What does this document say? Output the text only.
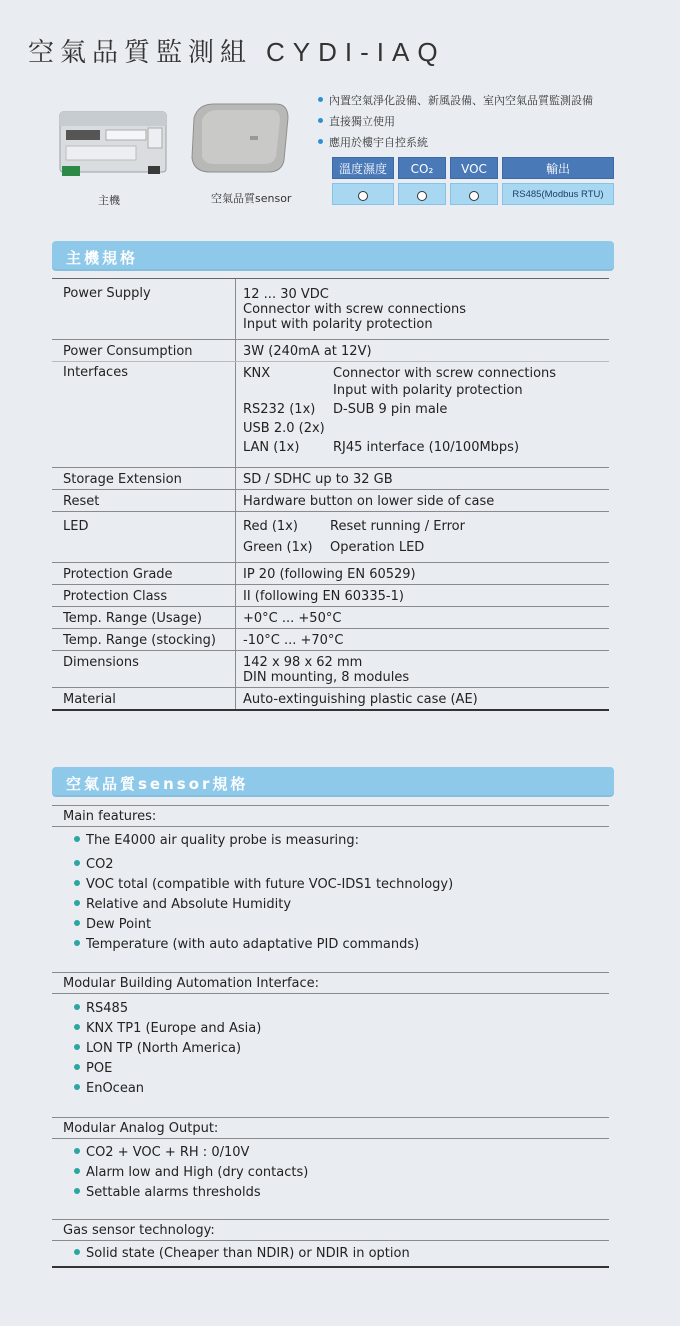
空氣品質監測組 CYDI-IAQ
主機	空氣品質sensor
內置空氣淨化設備、新風設備、室內空氣品質監測設備
直接獨立使用
應用於樓宇自控系統
溫度濕度	CO₂	VOC	輸出
RS485(Modbus RTU)
主機規格
Power Supply	12 ... 30 VDC
Connector with screw connections
Input with polarity protection
Power Consumption	3W (240mA at 12V)
Interfaces	KNX	Connector with screw connections
Input with polarity protection
RS232 (1x)	D-SUB 9 pin male
USB 2.0 (2x)
LAN (1x)	RJ45 interface (10/100Mbps)
Storage Extension	SD / SDHC up to 32 GB
Reset	Hardware button on lower side of case
LED	Red (1x)	Reset running / Error
Green (1x)	Operation LED
Protection Grade	IP 20 (following EN 60529)
Protection Class	II (following EN 60335-1)
Temp. Range (Usage)	+0°C ... +50°C
Temp. Range (stocking)	-10°C ... +70°C
Dimensions	142 x 98 x 62 mm
DIN mounting, 8 modules
Material	Auto-extinguishing plastic case (AE)
空氣品質sensor規格
Main features:
The E4000 air quality probe is measuring:
CO2
VOC total (compatible with future VOC-IDS1 technology)
Relative and Absolute Humidity
Dew Point
Temperature (with auto adaptative PID commands)
Modular Building Automation Interface:
RS485
KNX TP1 (Europe and Asia)
LON TP (North America)
POE
EnOcean
Modular Analog Output:
CO2 + VOC + RH : 0/10V
Alarm low and High (dry contacts)
Settable alarms thresholds
Gas sensor technology:
Solid state (Cheaper than NDIR) or NDIR in option
